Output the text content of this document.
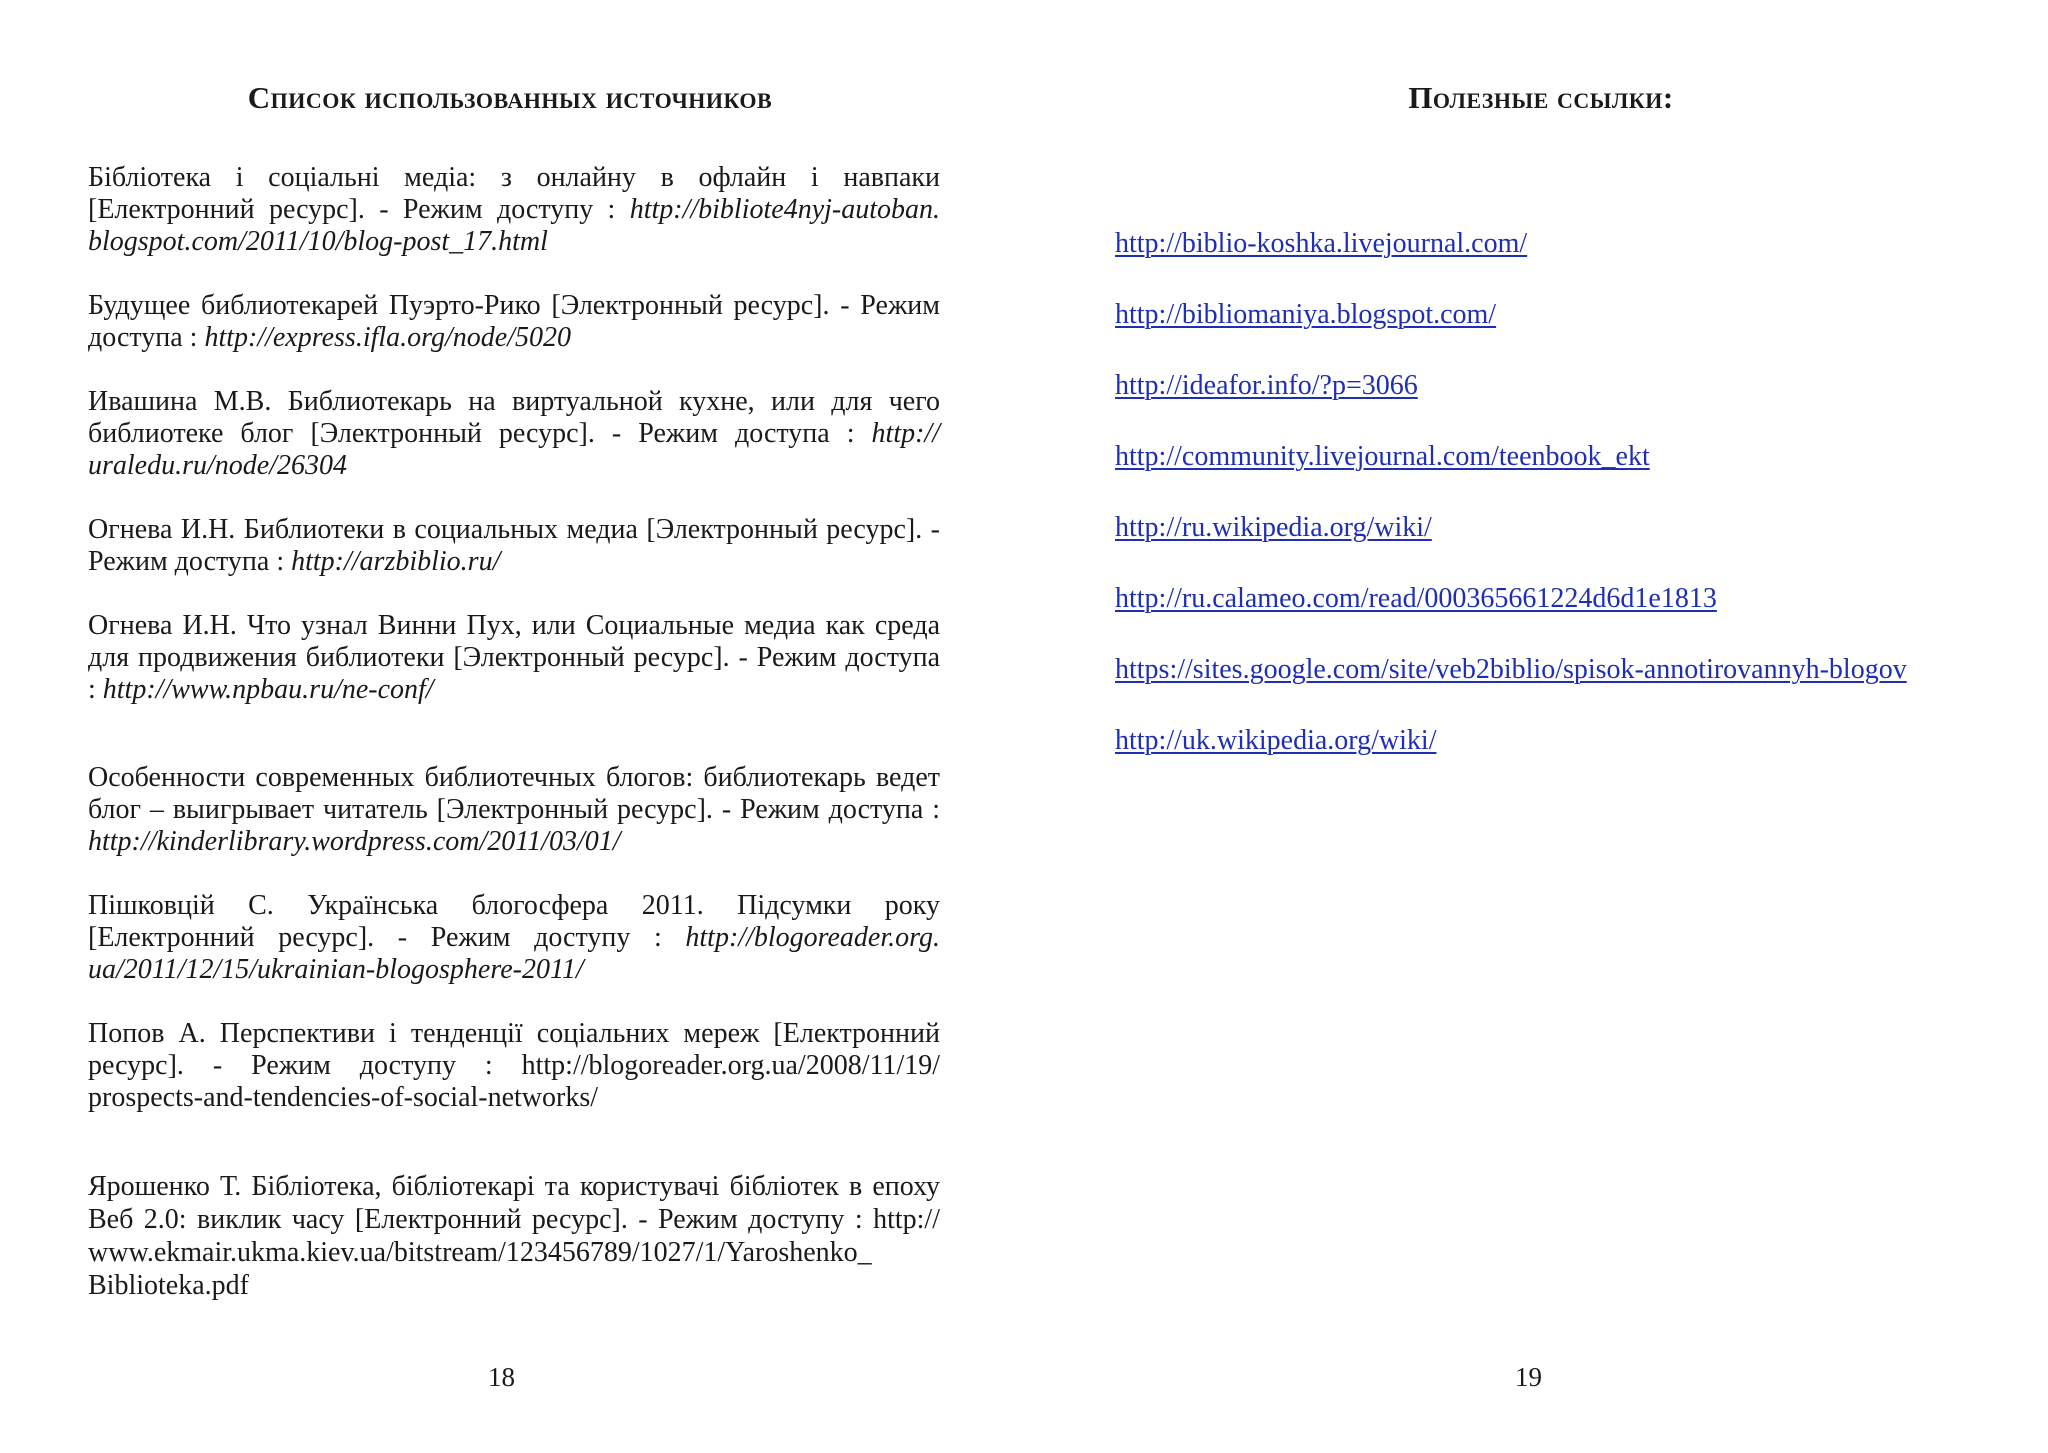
Список использованных источников

Бібліотека і соціальні медіа: з онлайну в офлайн і навпаки [Електронний ресурс]. - Режим доступу : http://bibliote4nyj-autoban. blogspot.com/2011/10/blog-post_17.html

Будущее библиотекарей Пуэрто-Рико [Электронный ресурс]. - Режим доступа : http://express.ifla.org/node/5020

Ивашина М.В. Библиотекарь на виртуальной кухне, или для чего библиотеке блог [Электронный ресурс]. - Режим доступа : http:// uraledu.ru/node/26304

Огнева И.Н. Библиотеки в социальных медиа [Электронный ресурс]. - Режим доступа : http://arzbiblio.ru/

Огнева И.Н. Что узнал Винни Пух, или Социальные медиа как среда для продвижения библиотеки [Электронный ресурс]. - Режим доступа : http://www.npbau.ru/ne-conf/

Особенности современных библиотечных блогов: библиотекарь ведет блог – выигрывает читатель [Электронный ресурс]. - Режим доступа : http://kinderlibrary.wordpress.com/2011/03/01/

Пішковцій С. Українська блогосфера 2011. Підсумки року [Електронний ресурс]. - Режим доступу : http://blogoreader.org. ua/2011/12/15/ukrainian-blogosphere-2011/

Попов А. Перспективи і тенденції соціальних мереж [Електронний ресурс]. - Режим доступу : http://blogoreader.org.ua/2008/11/19/ prospects-and-tendencies-of-social-networks/

Ярошенко Т. Бібліотека, бібліотекарі та користувачі бібліотек в епоху Веб 2.0: виклик часу [Електронний ресурс]. - Режим доступу : http:// www.ekmair.ukma.kiev.ua/bitstream/123456789/1027/1/Yaroshenko_ Biblioteka.pdf

18
Полезные ссылки:
http://biblio-koshka.livejournal.com/
http://bibliomaniya.blogspot.com/
http://ideafor.info/?p=3066
http://community.livejournal.com/teenbook_ekt
http://ru.wikipedia.org/wiki/
http://ru.calameo.com/read/000365661224d6d1e1813
https://sites.google.com/site/veb2biblio/spisok-annotirovannyh-blogov
http://uk.wikipedia.org/wiki/
19
